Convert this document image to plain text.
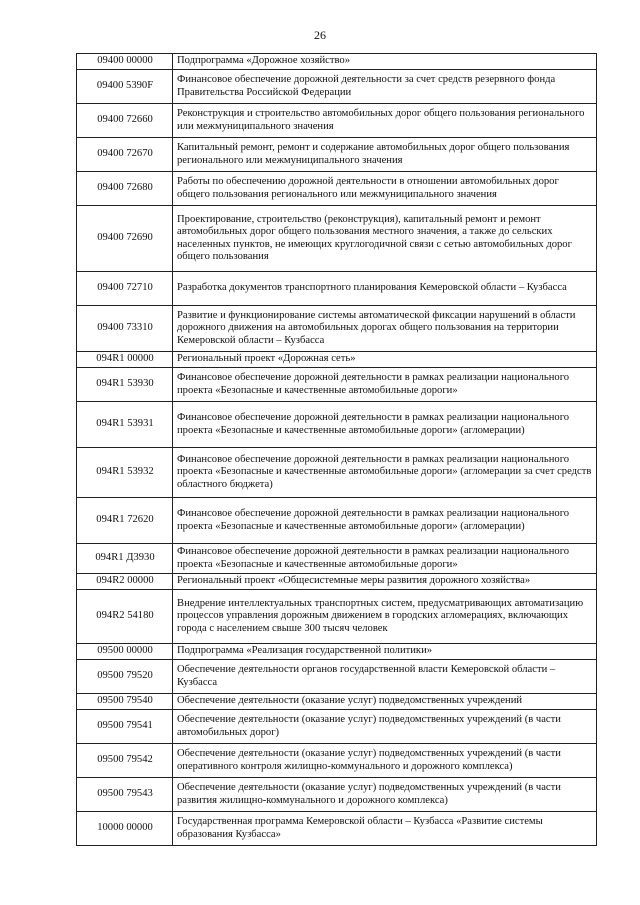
26
09400 00000	Подпрограмма «Дорожное хозяйство»
09400 5390F	Финансовое обеспечение дорожной деятельности за счет средств резервного фонда Правительства Российской Федерации
09400 72660	Реконструкция и строительство автомобильных дорог общего пользования регионального или межмуниципального значения
09400 72670	Капитальный ремонт, ремонт и содержание автомобильных дорог общего пользования регионального или межмуниципального значения
09400 72680	Работы по обеспечению дорожной деятельности в отношении автомобильных дорог общего пользования регионального или межмуниципального значения
09400 72690	Проектирование, строительство (реконструкция), капитальный ремонт и ремонт автомобильных дорог общего пользования местного значения, а также до сельских населенных пунктов, не имеющих круглогодичной связи с сетью автомобильных дорог общего пользования
09400 72710	Разработка документов транспортного планирования Кемеровской области – Кузбасса
09400 73310	Развитие и функционирование системы автоматической фиксации нарушений в области дорожного движения на автомобильных дорогах общего пользования на территории Кемеровской области – Кузбасса
094R1 00000	Региональный проект «Дорожная сеть»
094R1 53930	Финансовое обеспечение дорожной деятельности в рамках реализации национального проекта «Безопасные и качественные автомобильные дороги»
094R1 53931	Финансовое обеспечение дорожной деятельности в рамках реализации национального проекта «Безопасные и качественные автомобильные дороги» (агломерации)
094R1 53932	Финансовое обеспечение дорожной деятельности в рамках реализации национального проекта «Безопасные и качественные автомобильные дороги» (агломерации за счет средств областного бюджета)
094R1 72620	Финансовое обеспечение дорожной деятельности в рамках реализации национального проекта «Безопасные и качественные автомобильные дороги» (агломерации)
094R1 Д3930	Финансовое обеспечение дорожной деятельности в рамках реализации национального проекта «Безопасные и качественные автомобильные дороги»
094R2 00000	Региональный проект «Общесистемные меры развития дорожного хозяйства»
094R2 54180	Внедрение интеллектуальных транспортных систем, предусматривающих автоматизацию процессов управления дорожным движением в городских агломерациях, включающих города с населением свыше 300 тысяч человек
09500 00000	Подпрограмма «Реализация государственной политики»
09500 79520	Обеспечение деятельности органов государственной власти Кемеровской области – Кузбасса
09500 79540	Обеспечение деятельности (оказание услуг) подведомственных учреждений
09500 79541	Обеспечение деятельности (оказание услуг) подведомственных учреждений (в части автомобильных дорог)
09500 79542	Обеспечение деятельности (оказание услуг) подведомственных учреждений (в части оперативного контроля жилищно-коммунального и дорожного комплекса)
09500 79543	Обеспечение деятельности (оказание услуг) подведомственных учреждений (в части развития жилищно-коммунального и дорожного комплекса)
10000 00000	Государственная программа Кемеровской области – Кузбасса «Развитие системы образования Кузбасса»
